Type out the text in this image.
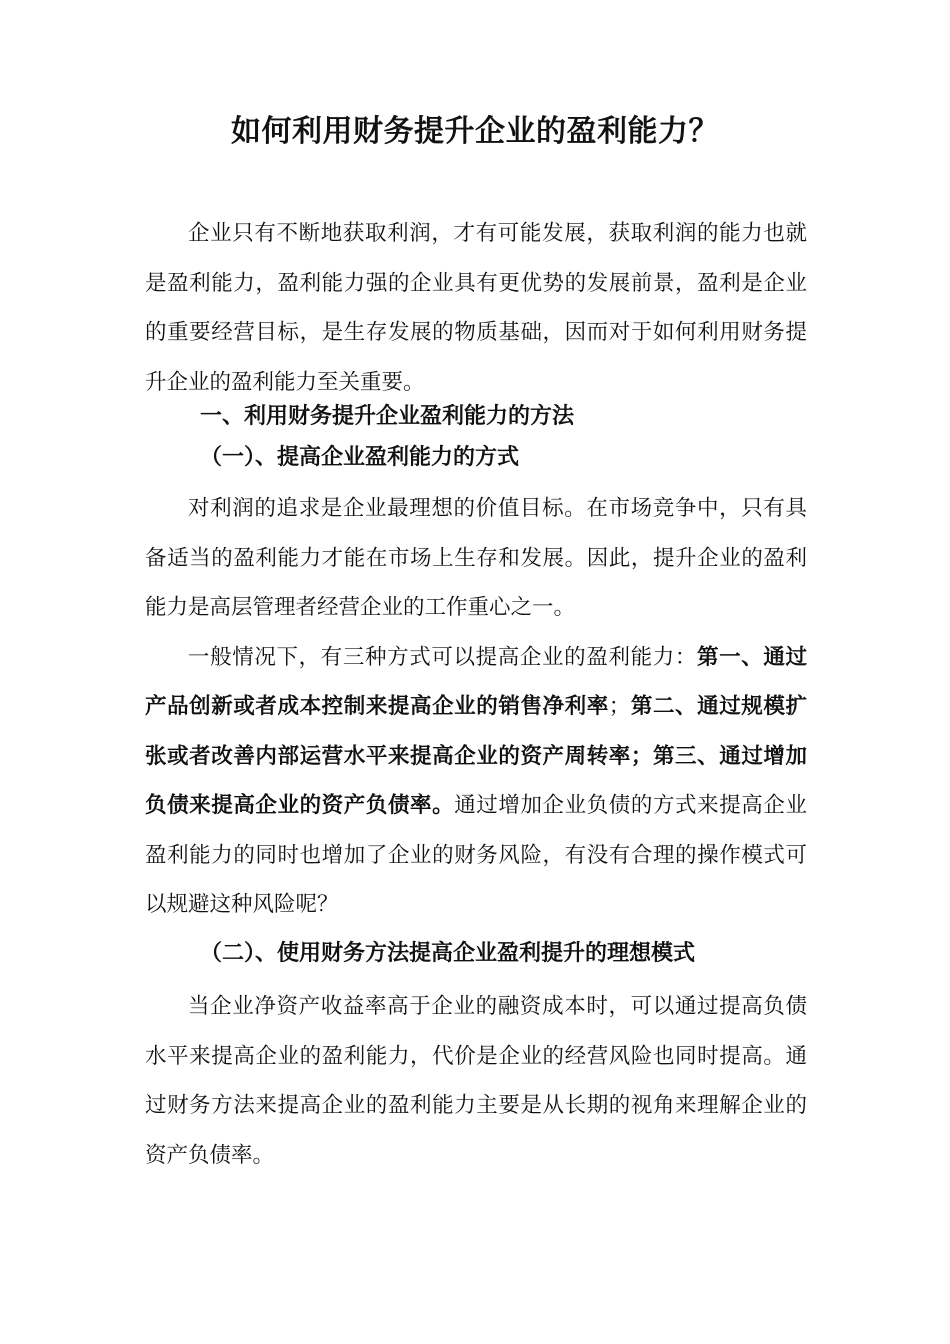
如何利用财务提升企业的盈利能力？

企业只有不断地获取利润，才有可能发展，获取利润的能力也就是盈利能力，盈利能力强的企业具有更优势的发展前景，盈利是企业的重要经营目标，是生存发展的物质基础，因而对于如何利用财务提升企业的盈利能力至关重要。

一、利用财务提升企业盈利能力的方法
（一）、提高企业盈利能力的方式

对利润的追求是企业最理想的价值目标。在市场竞争中，只有具备适当的盈利能力才能在市场上生存和发展。因此，提升企业的盈利能力是高层管理者经营企业的工作重心之一。

一般情况下，有三种方式可以提高企业的盈利能力：第一、通过产品创新或者成本控制来提高企业的销售净利率；第二、通过规模扩张或者改善内部运营水平来提高企业的资产周转率；第三、通过增加负债来提高企业的资产负债率。通过增加企业负债的方式来提高企业盈利能力的同时也增加了企业的财务风险，有没有合理的操作模式可以规避这种风险呢？

（二）、使用财务方法提高企业盈利提升的理想模式

当企业净资产收益率高于企业的融资成本时，可以通过提高负债水平来提高企业的盈利能力，代价是企业的经营风险也同时提高。通过财务方法来提高企业的盈利能力主要是从长期的视角来理解企业的资产负债率。
